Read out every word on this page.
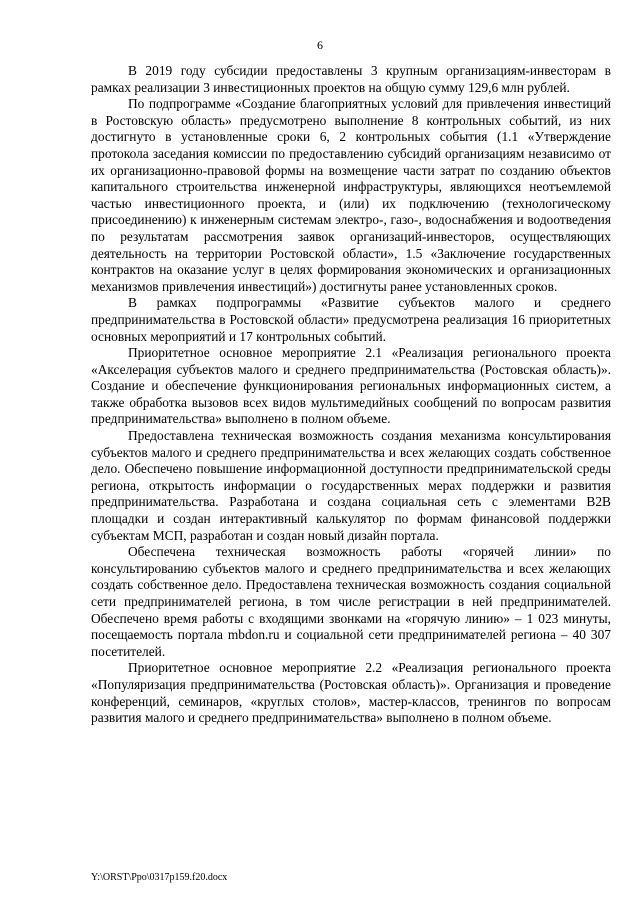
6

В 2019 году субсидии предоставлены 3 крупным организациям-инвесторам в рамках реализации 3 инвестиционных проектов на общую сумму 129,6 млн рублей.

По подпрограмме «Создание благоприятных условий для привлечения инвестиций в Ростовскую область» предусмотрено выполнение 8 контрольных событий, из них достигнуто в установленные сроки 6, 2 контрольных события (1.1 «Утверждение протокола заседания комиссии по предоставлению субсидий организациям независимо от их организационно-правовой формы на возмещение части затрат по созданию объектов капитального строительства инженерной инфраструктуры, являющихся неотъемлемой частью инвестиционного проекта, и (или) их подключению (технологическому присоединению) к инженерным системам электро-, газо-, водоснабжения и водоотведения по результатам рассмотрения заявок организаций-инвесторов, осуществляющих деятельность на территории Ростовской области», 1.5 «Заключение государственных контрактов на оказание услуг в целях формирования экономических и организационных механизмов привлечения инвестиций») достигнуты ранее установленных сроков.

В рамках подпрограммы «Развитие субъектов малого и среднего предпринимательства в Ростовской области» предусмотрена реализация 16 приоритетных основных мероприятий и 17 контрольных событий.

Приоритетное основное мероприятие 2.1 «Реализация регионального проекта «Акселерация субъектов малого и среднего предпринимательства (Ростовская область)». Создание и обеспечение функционирования региональных информационных систем, а также обработка вызовов всех видов мультимедийных сообщений по вопросам развития предпринимательства» выполнено в полном объеме.

Предоставлена техническая возможность создания механизма консультирования субъектов малого и среднего предпринимательства и всех желающих создать собственное дело. Обеспечено повышение информационной доступности предпринимательской среды региона, открытость информации о государственных мерах поддержки и развития предпринимательства. Разработана и создана социальная сеть с элементами B2B площадки и создан интерактивный калькулятор по формам финансовой поддержки субъектам МСП, разработан и создан новый дизайн портала.

Обеспечена техническая возможность работы «горячей линии» по консультированию субъектов малого и среднего предпринимательства и всех желающих создать собственное дело. Предоставлена техническая возможность создания социальной сети предпринимателей региона, в том числе регистрации в ней предпринимателей. Обеспечено время работы с входящими звонками на «горячую линию» – 1 023 минуты, посещаемость портала mbdon.ru и социальной сети предпринимателей региона – 40 307 посетителей.

Приоритетное основное мероприятие 2.2 «Реализация регионального проекта «Популяризация предпринимательства (Ростовская область)». Организация и проведение конференций, семинаров, «круглых столов», мастер-классов, тренингов по вопросам развития малого и среднего предпринимательства» выполнено в полном объеме.

Y:\ORST\Ppo\0317p159.f20.docx
